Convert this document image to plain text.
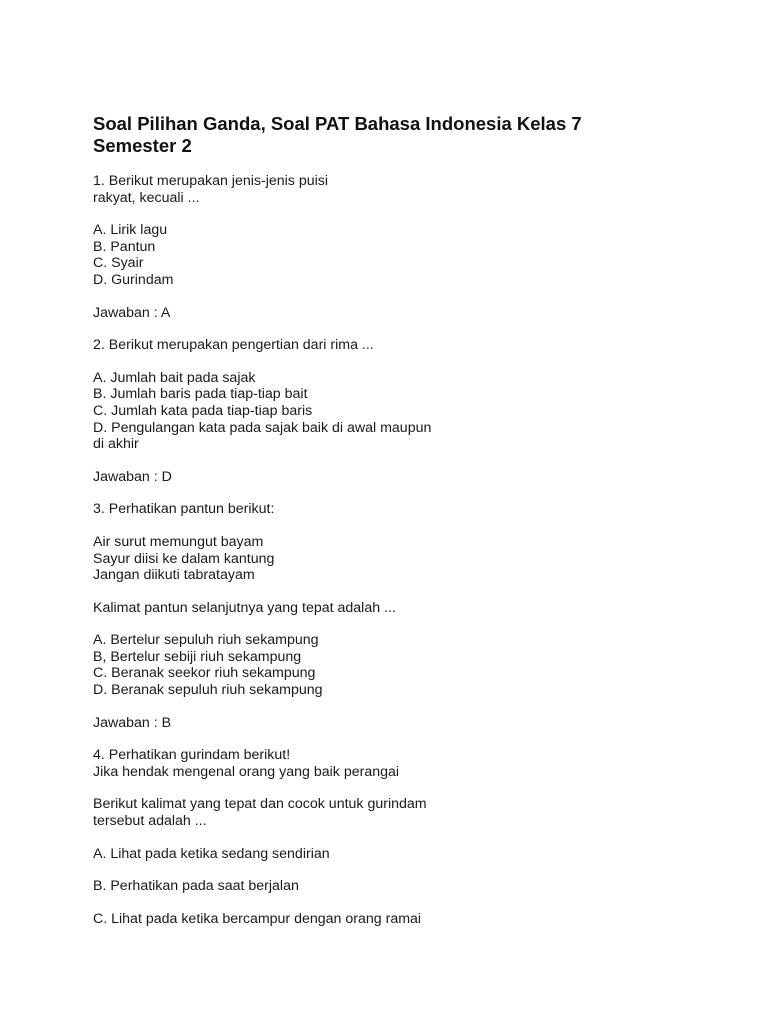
Soal Pilihan Ganda, Soal PAT Bahasa Indonesia Kelas 7
Semester 2

1. Berikut merupakan jenis-jenis puisi

rakyat, kecuali ...

A. Lirik lagu

B. Pantun

C. Syair

D. Gurindam

Jawaban : A

2. Berikut merupakan pengertian dari rima ...

A. Jumlah bait pada sajak

B. Jumlah baris pada tiap-tiap bait

C. Jumlah kata pada tiap-tiap baris

D. Pengulangan kata pada sajak baik di awal maupun

di akhir

Jawaban : D

3. Perhatikan pantun berikut:

Air surut memungut bayam

Sayur diisi ke dalam kantung

Jangan diikuti tabratayam

Kalimat pantun selanjutnya yang tepat adalah ...

A. Bertelur sepuluh riuh sekampung

B, Bertelur sebiji riuh sekampung

C. Beranak seekor riuh sekampung

D. Beranak sepuluh riuh sekampung

Jawaban : B

4. Perhatikan gurindam berikut!

Jika hendak mengenal orang yang baik perangai

Berikut kalimat yang tepat dan cocok untuk gurindam

tersebut adalah ...

A. Lihat pada ketika sedang sendirian

B. Perhatikan pada saat berjalan

C. Lihat pada ketika bercampur dengan orang ramai
